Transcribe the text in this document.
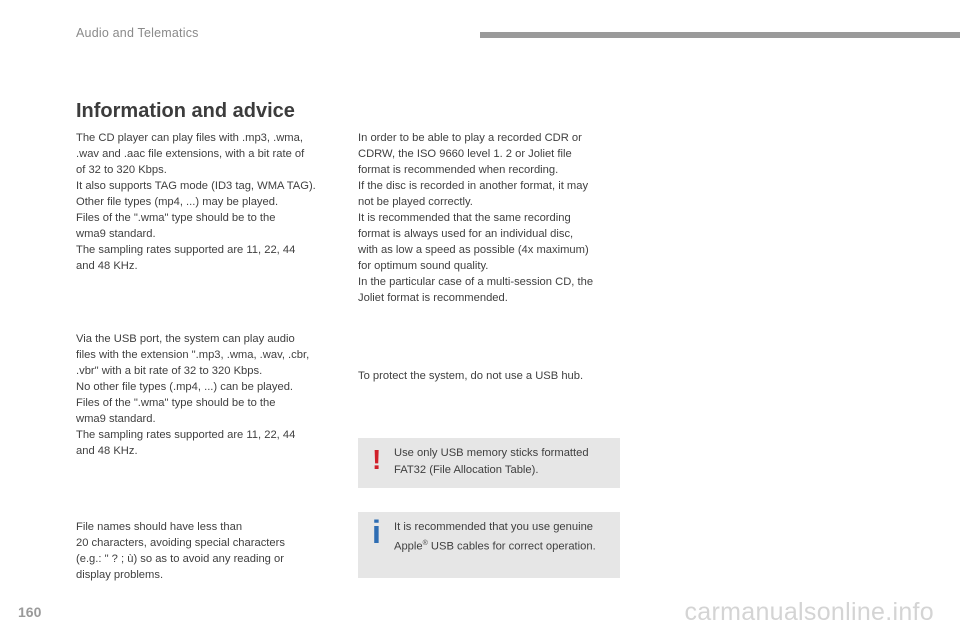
Audio and Telematics
Information and advice

The CD player can play files with .mp3, .wma,
.wav and .aac file extensions, with a bit rate of
of 32 to 320 Kbps.
It also supports TAG mode (ID3 tag, WMA TAG).
Other file types (mp4, ...) may be played.
Files of the ".wma" type should be to the
wma9 standard.
The sampling rates supported are 11, 22, 44
and 48 KHz.

Via the USB port, the system can play audio
files with the extension ".mp3, .wma, .wav, .cbr,
.vbr" with a bit rate of 32 to 320 Kbps.
No other file types (.mp4, ...) can be played.
Files of the ".wma" type should be to the
wma9 standard.
The sampling rates supported are 11, 22, 44
and 48 KHz.

File names should have less than
20 characters, avoiding special characters
(e.g.: " ? ; ù) so as to avoid any reading or
display problems.

In order to be able to play a recorded CDR or
CDRW, the ISO 9660 level 1. 2 or Joliet file
format is recommended when recording.
If the disc is recorded in another format, it may
not be played correctly.
It is recommended that the same recording
format is always used for an individual disc,
with as low a speed as possible (4x maximum)
for optimum sound quality.
In the particular case of a multi-session CD, the
Joliet format is recommended.

To protect the system, do not use a USB hub.

! Use only USB memory sticks formatted FAT32 (File Allocation Table).

i It is recommended that you use genuine Apple® USB cables for correct operation.

160	carmanualsonline.info
